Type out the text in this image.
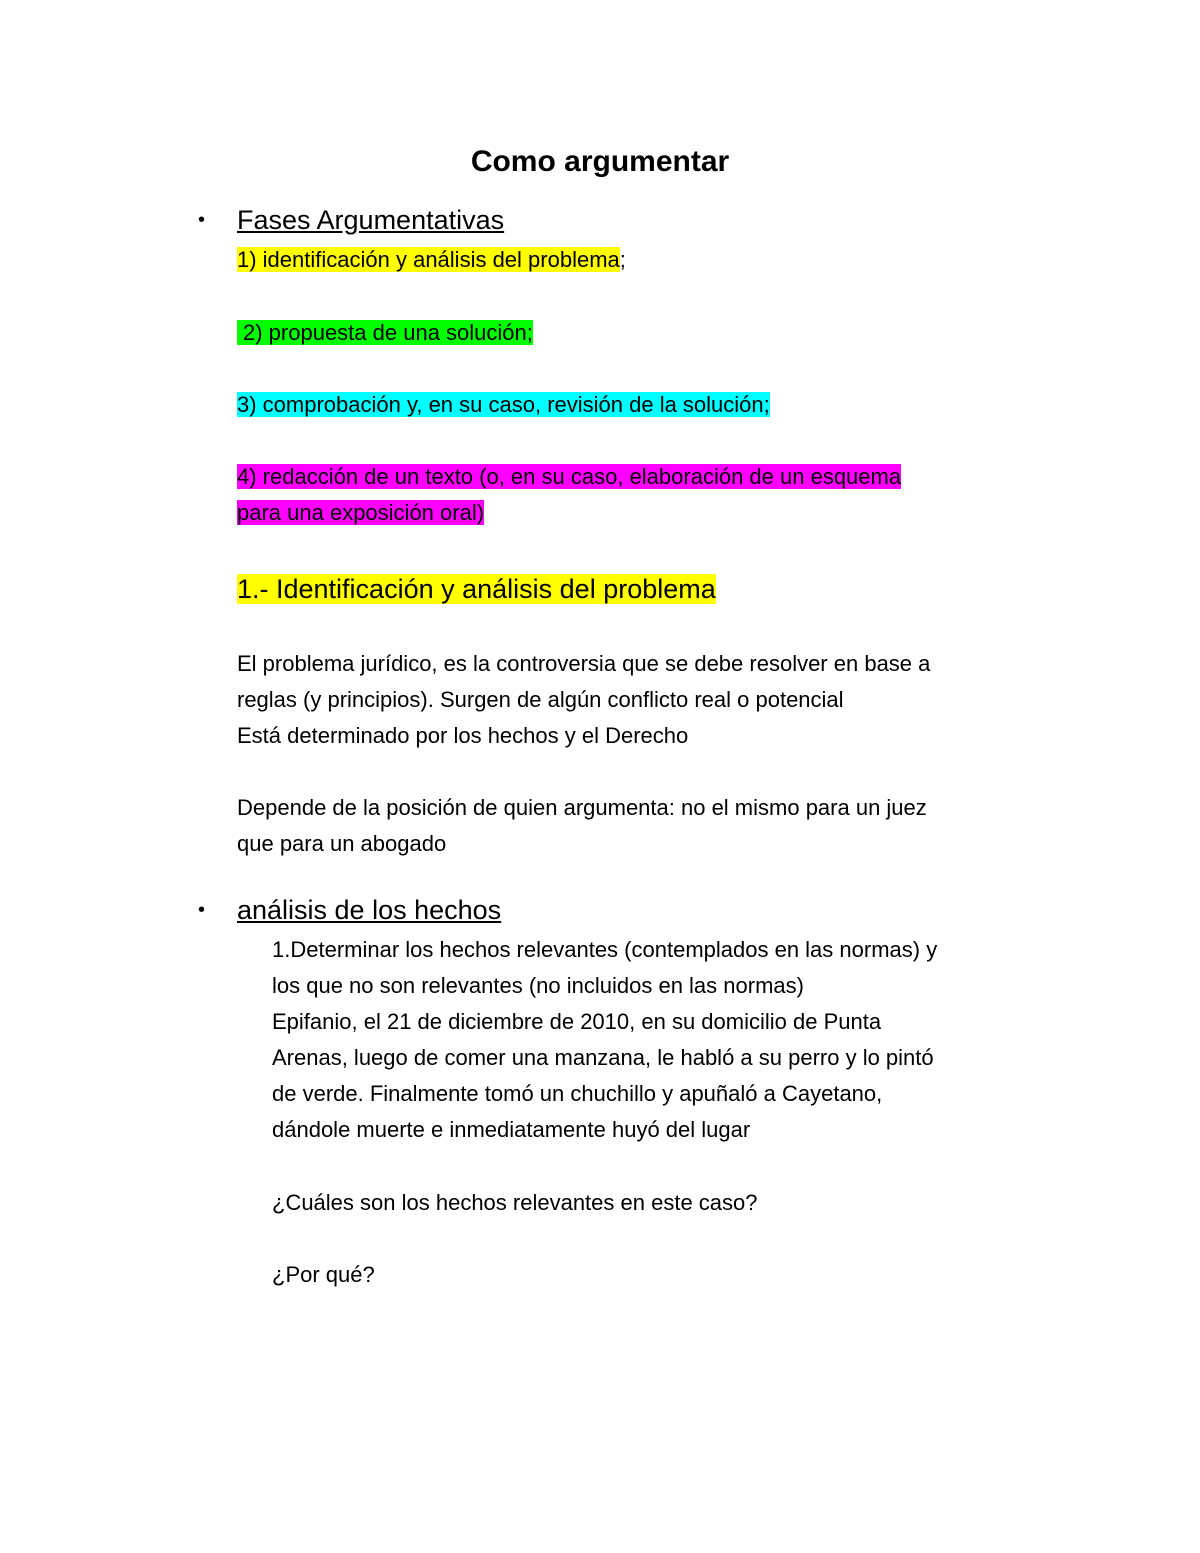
Como argumentar
• Fases Argumentativas
1) identificación y análisis del problema;
2) propuesta de una solución;
3) comprobación y, en su caso, revisión de la solución;
4) redacción de un texto (o, en su caso, elaboración de un esquema
para una exposición oral)
1.- Identificación y análisis del problema
El problema jurídico, es la controversia que se debe resolver en base a
reglas (y principios). Surgen de algún conflicto real o potencial
Está determinado por los hechos y el Derecho
Depende de la posición de quien argumenta: no el mismo para un juez
que para un abogado
• análisis de los hechos
1.Determinar los hechos relevantes (contemplados en las normas) y
los que no son relevantes (no incluidos en las normas)
Epifanio, el 21 de diciembre de 2010, en su domicilio de Punta
Arenas, luego de comer una manzana, le habló a su perro y lo pintó
de verde. Finalmente tomó un chuchillo y apuñaló a Cayetano,
dándole muerte e inmediatamente huyó del lugar
¿Cuáles son los hechos relevantes en este caso?
¿Por qué?
